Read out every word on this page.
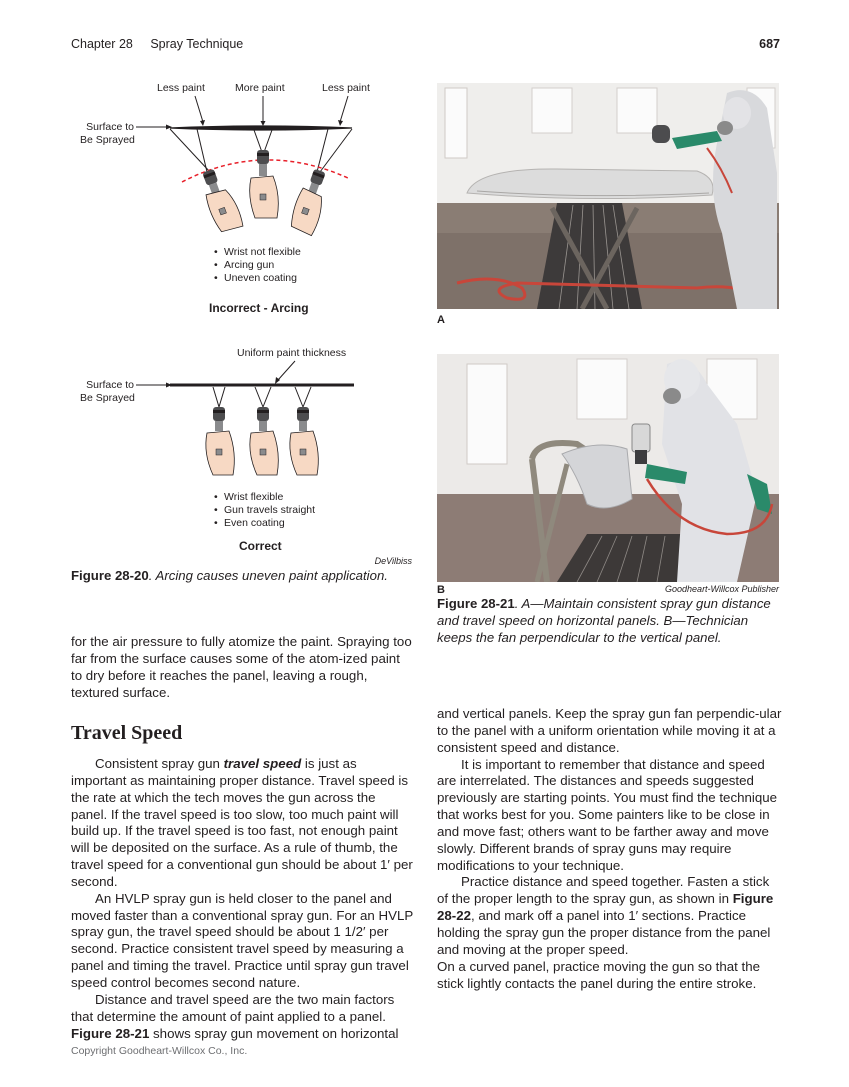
Chapter 28 Spray Technique	687
Less paint	More paint	Less paint
Surface to
Be Sprayed
• Wrist not flexible
• Arcing gun
• Uneven coating
Incorrect - Arcing
Uniform paint thickness
Surface to
Be Sprayed
• Wrist flexible
• Gun travels straight
• Even coating
Correct
DeVilbiss
Figure 28-20. Arcing causes uneven paint application.
A
B	Goodheart-Willcox Publisher
Figure 28-21. A—Maintain consistent spray gun distance and travel speed on horizontal panels. B—Technician keeps the fan perpendicular to the vertical panel.

for the air pressure to fully atomize the paint. Spraying too far from the surface causes some of the atom-ized paint to dry before it reaches the panel, leaving a rough, textured surface.

Travel Speed

Consistent spray gun travel speed is just as important as maintaining proper distance. Travel speed is the rate at which the tech moves the gun across the panel. If the travel speed is too slow, too much paint will build up. If the travel speed is too fast, not enough paint will be deposited on the surface. As a rule of thumb, the travel speed for a conventional gun should be about 1′ per second.

An HVLP spray gun is held closer to the panel and moved faster than a conventional spray gun. For an HVLP spray gun, the travel speed should be about 1 1/2′ per second. Practice consistent travel speed by measuring a panel and timing the travel. Practice until spray gun travel speed control becomes second nature.

Distance and travel speed are the two main factors that determine the amount of paint applied to a panel. Figure 28-21 shows spray gun movement on horizontal

and vertical panels. Keep the spray gun fan perpendic-ular to the panel with a uniform orientation while moving it at a consistent speed and distance.

It is important to remember that distance and speed are interrelated. The distances and speeds suggested previously are starting points. You must find the technique that works best for you. Some painters like to be close in and move fast; others want to be farther away and move slowly. Different brands of spray guns may require modifications to your technique.

Practice distance and speed together. Fasten a stick of the proper length to the spray gun, as shown in Figure 28-22, and mark off a panel into 1′ sections. Practice holding the spray gun the proper distance from the panel and moving at the proper speed.

On a curved panel, practice moving the gun so that the stick lightly contacts the panel during the entire stroke.

Copyright Goodheart-Willcox Co., Inc.
